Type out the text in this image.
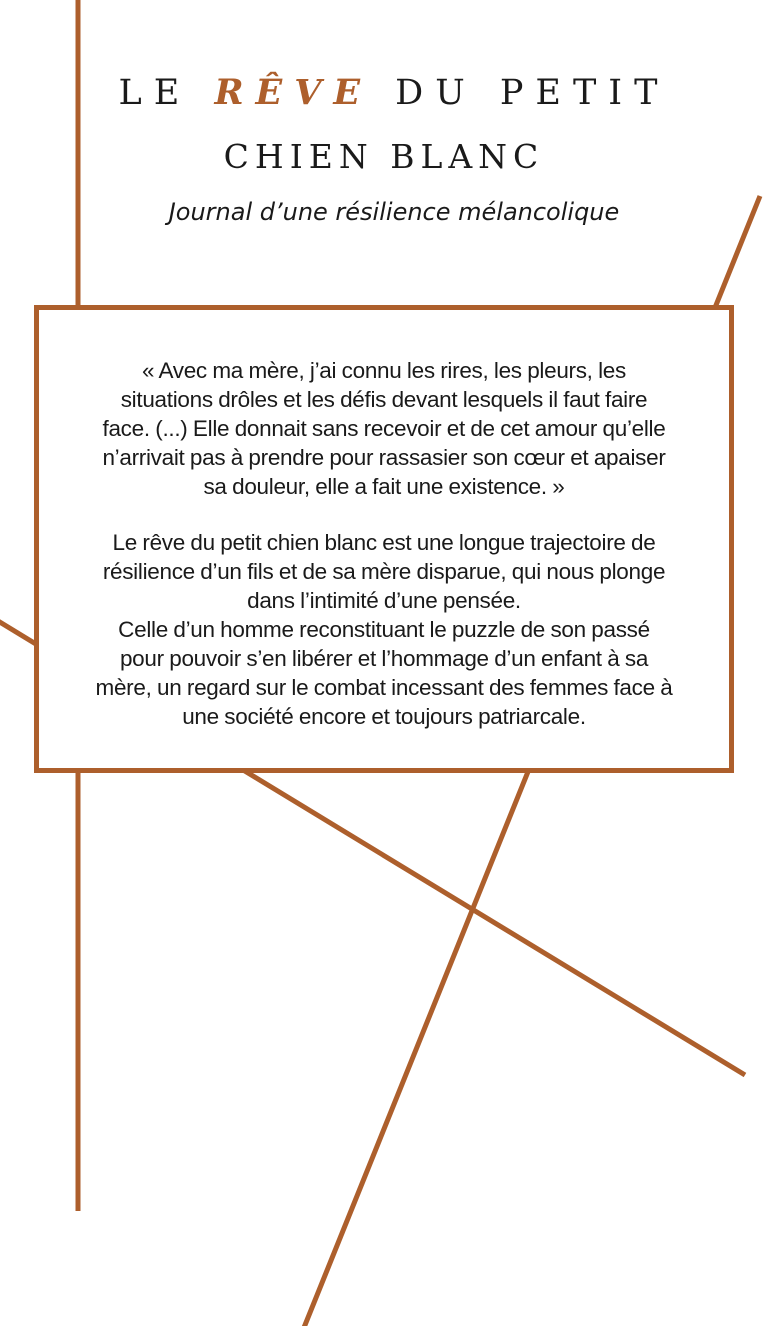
LE RÊVE DU PETIT
CHIEN BLANC
Journal d’une résilience mélancolique
« Avec ma mère, j’ai connu les rires, les pleurs, les
situations drôles et les défis devant lesquels il faut faire
face. (...) Elle donnait sans recevoir et de cet amour qu’elle
n’arrivait pas à prendre pour rassasier son cœur et apaiser
sa douleur, elle a fait une existence. »
Le rêve du petit chien blanc est une longue trajectoire de
résilience d’un fils et de sa mère disparue, qui nous plonge
dans l’intimité d’une pensée.
Celle d’un homme reconstituant le puzzle de son passé
pour pouvoir s’en libérer et l’hommage d’un enfant à sa
mère, un regard sur le combat incessant des femmes face à
une société encore et toujours patriarcale.
